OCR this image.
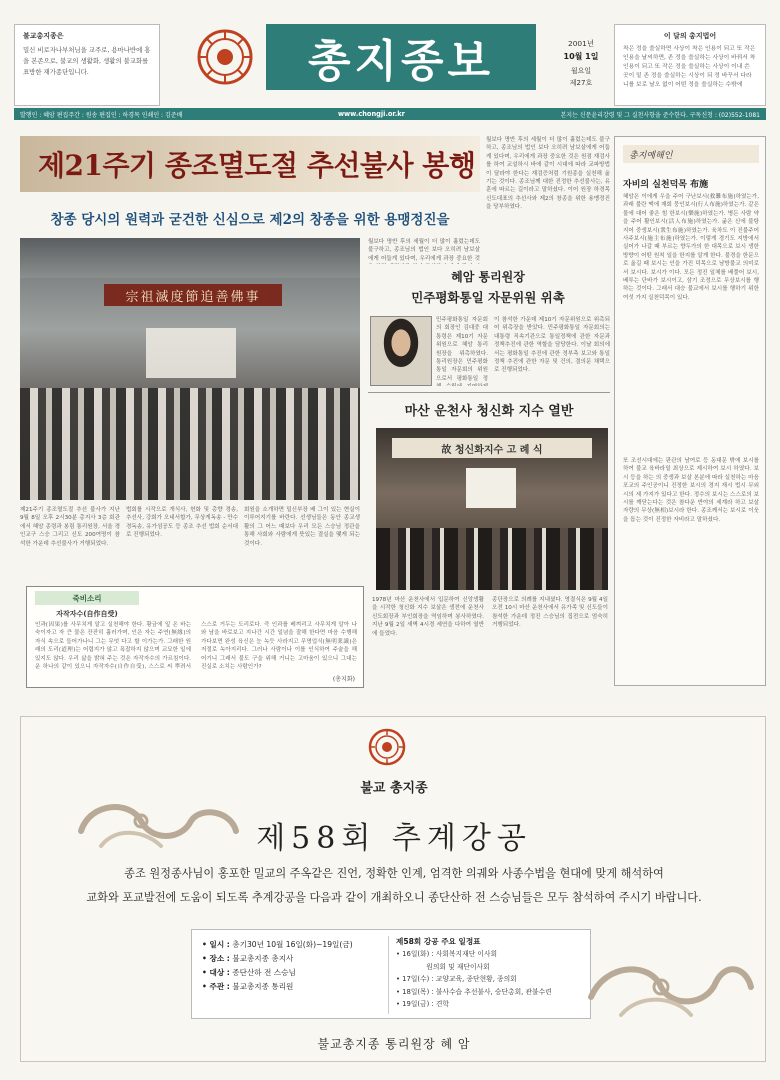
불교총지종은
밀신 비로자나부처님을 교주로, 용마나반에 홍을 본존으로, 불교의 생활화, 생활의 불교화를 표방한 재가종단입니다.	총지종보	2001년
10월 1일
월요일
제27호
이 달의 총지법어
착은 정을 쓸실하면 사상이 착은 인용이 되고 또 작은 인용을 날씨하면, 존 정을 쓸실하는 사상이 바꿔서 착인용이 되고 또 작은 정을 쓸실하는 사상이 이내 쓴 곳이 밑 존 정을 쓸실하는 시상이 되 정 바꾸서 다라니를 보로 날오 없이 어떤 정을 쓸실하는 수밖에
발행인 : 혜암 편집주간 : 원송 편집인 : 하경목 인쇄인 : 김준배	www.chongji.or.kr	본지는 신문윤리강령 및 그 실천사항을 준수한다. 구독신청 : (02)552-1081
제21주기 종조멸도절 추선불사 봉행
창종 당시의 원력과 굳건한 신심으로 제2의 창종을 위한 용맹정진을
宗祖滅度節追善佛事
제21주기 종조멸도절 추선 불사가 지난 9월 8일 오후 2시30분 총지사 3층 회관에서 혜암 종령과 봉림 통리원장, 서울 경인교구 스승 그리고 신도 200여명이 참석한 가운데 추선불사가 거행되었다.
법회를 시작으로 개식사, 헌화 및 총향 경송, 추선사, 강회가 오네서합가, 무상게독송 - 만수경독송, 유가섬공도 등 종조 추선 법회 순서대로 진행되었다.
회원을 소개하면 밀신부장 배 그이 있는 현실이 이루어지기를 바란다. 선생님들은 동안 종교생활의 그 어느 때보다 우리 모든 스승님 정관을 통해 사회와 사람에게 뜻있는 결실을 맺게 되는 것이다.
월보다 명반 후의 세월이 더 많이 흘렀는데도 불구하고, 종조님의 법인 보다 오히려 남보살에게 어둡게 있다며, 우리에게 과장 중요한 것
혜암 통리원장
민주평화통일 자문위원 위촉
민주평화통일 자문회의 회장인 김대중 대통령은 제10기 자문위원으로 혜암 통리원장을 위촉하였다. 통리원장은 민주평화통일 자문회의 위원으로서 평화통일 정
이 참석한 가운데 제10기 자문위원으로 위촉되어 위촉장을 받았다. 민주평화통일 자문회의는 대통령 직속기관으로 통일정책에 관한 자문과 정책추진에 관한 역할을 담당한다. 이날 회의에서는 평화통일 추진에 관한 정부측 보고와 통일정책 추진에 관한 자문 및 건의, 결의문 채택으로 진행되었다.
월보다 명반 후의 세월이 더 많이 흘렀는데도 불구하고, 종조님의 법인 보다 오히려 남보살에게 어둡게 있다며, 우리에게 과장 중요한 것은 원점 재검사를 하여 교설하시 바에 같이 시대에 따라 교파방법이 달라야 한다는 재검증처럼 기원종을 실천해 옮기는 것이다. 종조님께 대한 진정한 추선불사는, 유훈에 따르는 길이라고 말하셨다. 이어 원장 하경목 신도대표의 추선사와 제2의 창종을 위한 용맹정진을 당부하였다.
마산 운천사 청신화 지수 열반
故 청신화지수 고 례 식
1978년 마산 운천사에서 입문하여 신앙생활을 시작한 청신화 지수 보살은 생전에 운천사 신도회장과 부인회장을 역임하며 봉사하였다. 지난 9월 2일 새벽 4시경 세연을 다하여 열반에 들었다.
종단장으로 의례를 지내셨다. 영결식은 9월 4일 오전 10시 마산 운천사에서 유가족 및 신도들이 참석한 가운데 정진 스승님의 집전으로 엄숙히 거행되었다.
총지예해인
자비의 실천덕목 布施
혜암은 이에게 우을 주어 구난보시(救難布施)하였는가, 과래 불란 맥에 재회 뭉인보시(行人布施)하였는가. 같은 물에 대어 좋은 힘 한보시(樂施)하였는가. 병든 사람 약을 주어 활인보시(活人布施)하였는가. 굶은 신에 불탕 지어 중생보시(衆生布施)하였는가. 육차도 이 진불주어 사주보시(施主布施)하였는가. 이렇게 경기도 지방에서 실어가 나갈 때 부르는 향두가의 한 대목으로 보시 생한 방향이 어떤 원칙 일을 한지를 알게 한다. 불경을 한문으로 옮길 때 보시는 인을 가진 덕목으로 남방불교 의미로서 보시다. 보시가 이다. 모든 정진 일체를 베풀어 보시, 베루는 단바가 보시이고, 삼기 조정으로 무상보시를 행하는 것이다. 그래서 대승 불교에서 보시를 행하기 위한 여섯 가지 실천덕목이 있다.
또 조선시대에는 판관의 남여로 등 동대문 밖에 보시를 하여 불교 육바라밀 최상으로 제시하여 보시 하였다. 보시 등을 하는 의 중생과 보살 본분에 따라 실천하는 마음 포교의 주인공이니 진정한 보시의 경지 재시 법시 무외시의 세 가지가 있다고 한다. 정수의 보시는 스스로의 보시를 깨닫는다는 것은 참다운 반야의 세계라 하고 보살 자량의 무상(無相)보시라 한다. 종조께서는 보시로 이웃을 돕는 것이 진정한 자비라고 말하셨다.
죽비소리
자작자수(自作自受)
인과(因果)를 사무치게 알고 실천해야 한다. 황금에 잎 온 바는 숙이자고 자 큰 물은 잔잔히 흘러가며, 인은 자는 주연(無緣)의 자식 속으로 들어가나니 그는 무엇 다고 할 이가는가. 그래한 원래의 도리(道理)는 어렵지가 않고 폭잡하지 않으며 교묘한 일에 있지도 않다. 우리 삶을 밝혀 주는 것은 자작자수의 가르침이다. 운 하나의 같이 있으니 자작자수(自作自受), 스스로 씨 뿌려서 스스로 거두는 도리로다. 즉 인과를 베껴리고 사무치게 알아 나와 남을 바로보고 지나간 시간 일념을 잘해 한다면 마음 수행해 가다보면 완성 육신은 눈 녹듯 사라지고 무명업식(無明業識)은 저절로 녹아지리다. 그러나 사람이나 이를 인식하여 주술을 해 어기니 그래서 불도 구을 위해 거니는 고마움이 있으니 그대는 진실로 소치는 사람인가?
(총지화)
불교 총지종
제58회 추계강공
종조 원정종사님이 홍포한 밀교의 주옥같은 진언, 정확한 인계, 엄격한 의궤와 사종수법을 현대에 맞게 해석하여
교화와 포교발전에 도움이 되도록 추계강공을 다음과 같이 개최하오니 종단산하 전 스승님들은 모두 참석하여 주시기 바랍니다.
• 일시 : 총기30년 10월 16일(화)~19일(금)
• 장소 : 불교총지종 총지사
• 대상 : 종단산하 전 스승님
• 주관 : 불교총지종 통리원
제58회 강공 주요 일정표
• 16일(화) : 사회복지재단 이사회
원의회 및 재단이사회
• 17일(수) : 교양교육, 종단현황, 종의회
• 18일(목) : 불사수습 추선불사, 승단총회, 관불수련
• 19일(금) : 견학
불교총지종 통리원장 혜 암
